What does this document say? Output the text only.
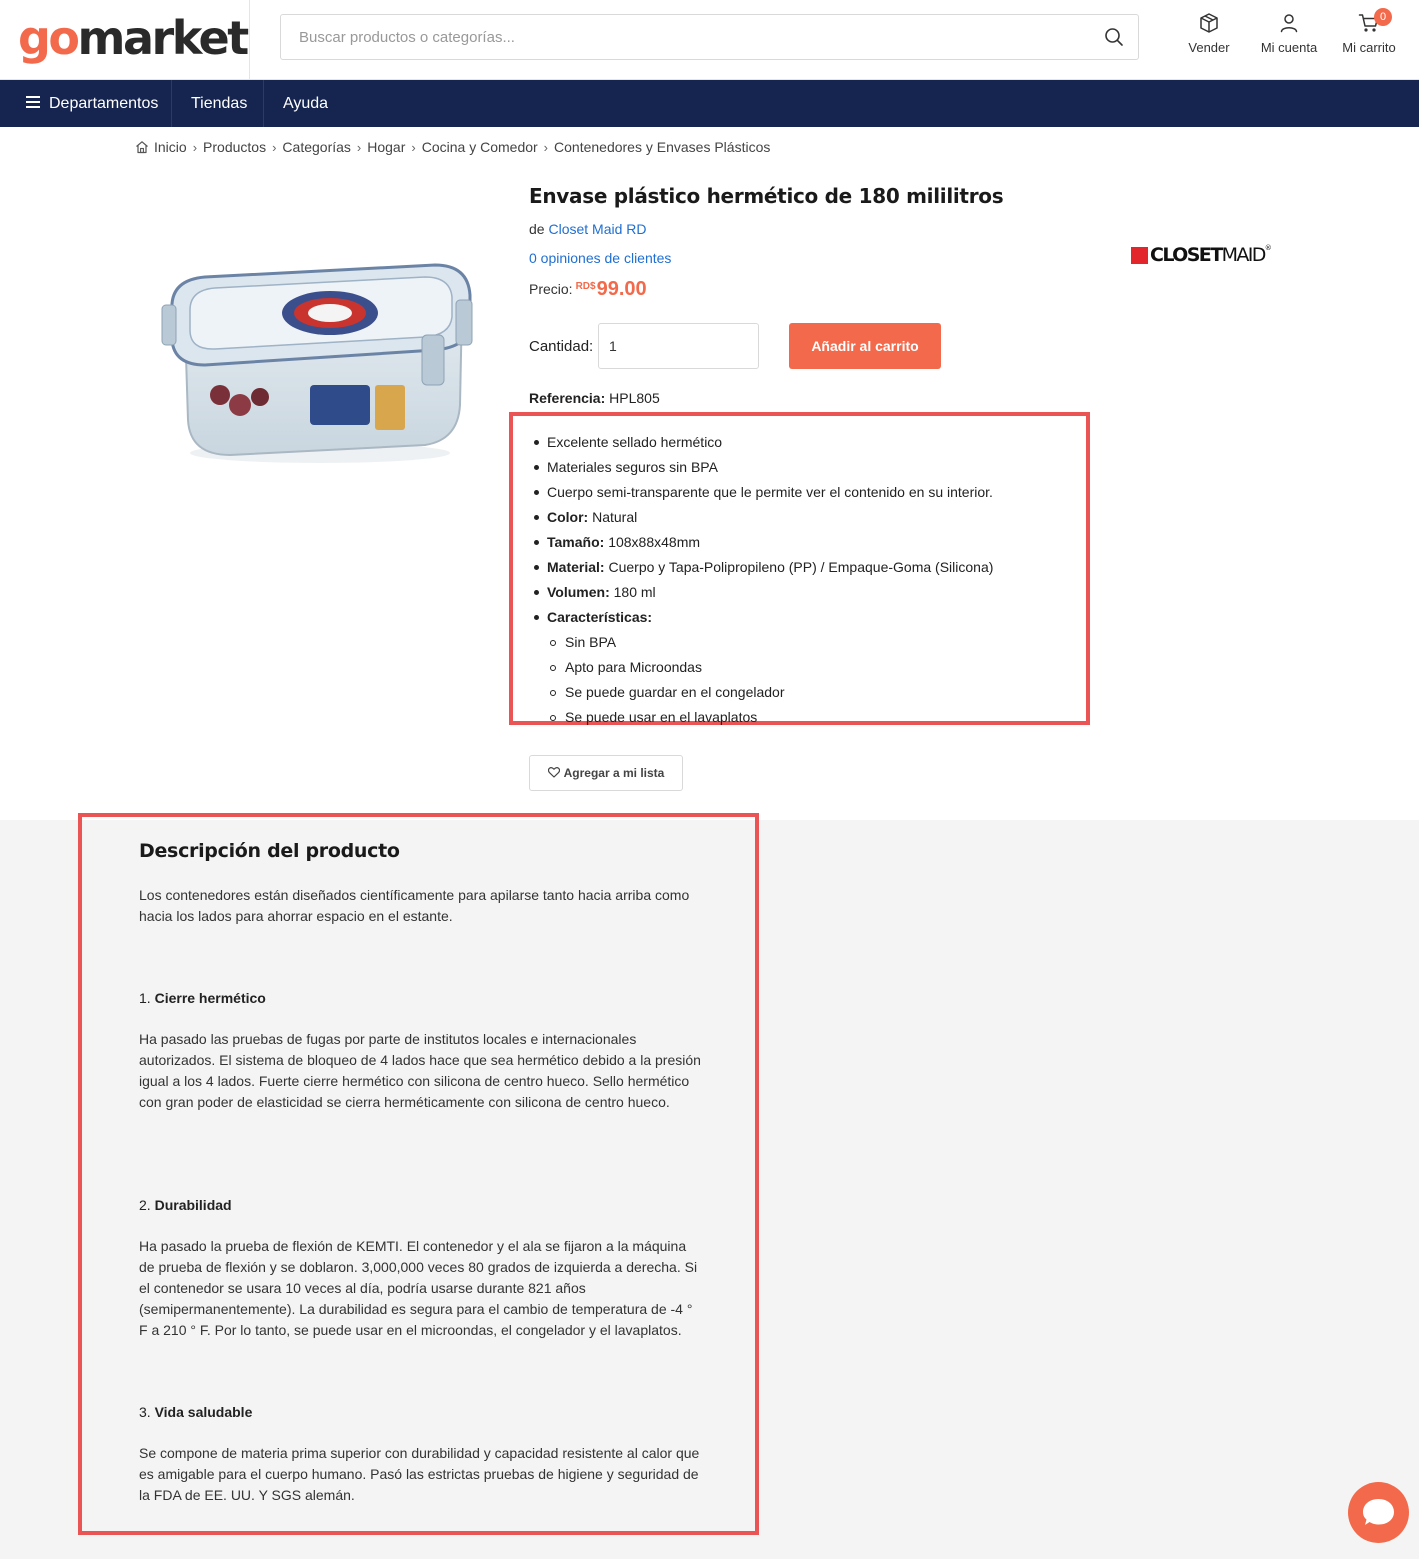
gomarket
Buscar productos o categorías...	Vender	Mi cuenta
0
Mi carrito
Departamentos Tiendas Ayuda
Inicio › Productos › Categorías › Hogar › Cocina y Comedor › Contenedores y Envases Plásticos
Envase plástico hermético de 180 mililitros
de Closet Maid RD
0 opiniones de clientes
Precio: RD$99.00
Cantidad:
1	Añadir al carrito
Referencia: HPL805
CLOSETMAID®
Excelente sellado hermético
Materiales seguros sin BPA
Cuerpo semi-transparente que le permite ver el contenido en su interior.
Color: Natural
Tamaño: 108x88x48mm
Material: Cuerpo y Tapa-Polipropileno (PP) / Empaque-Goma (Silicona)
Volumen: 180 ml
Características:
Sin BPA
Apto para Microondas
Se puede guardar en el congelador
Se puede usar en el lavaplatos
Agregar a mi lista
Descripción del producto
Los contenedores están diseñados científicamente para apilarse tanto hacia arriba como hacia los lados para ahorrar espacio en el estante.
1. Cierre hermético
Ha pasado las pruebas de fugas por parte de institutos locales e internacionales autorizados. El sistema de bloqueo de 4 lados hace que sea hermético debido a la presión igual a los 4 lados. Fuerte cierre hermético con silicona de centro hueco. Sello hermético con gran poder de elasticidad se cierra herméticamente con silicona de centro hueco.
2. Durabilidad
Ha pasado la prueba de flexión de KEMTI. El contenedor y el ala se fijaron a la máquina de prueba de flexión y se doblaron. 3,000,000 veces 80 grados de izquierda a derecha. Si el contenedor se usara 10 veces al día, podría usarse durante 821 años (semipermanentemente). La durabilidad es segura para el cambio de temperatura de -4 ° F a 210 ° F. Por lo tanto, se puede usar en el microondas, el congelador y el lavaplatos.
3. Vida saludable
Se compone de materia prima superior con durabilidad y capacidad resistente al calor que es amigable para el cuerpo humano. Pasó las estrictas pruebas de higiene y seguridad de la FDA de EE. UU. Y SGS alemán.
